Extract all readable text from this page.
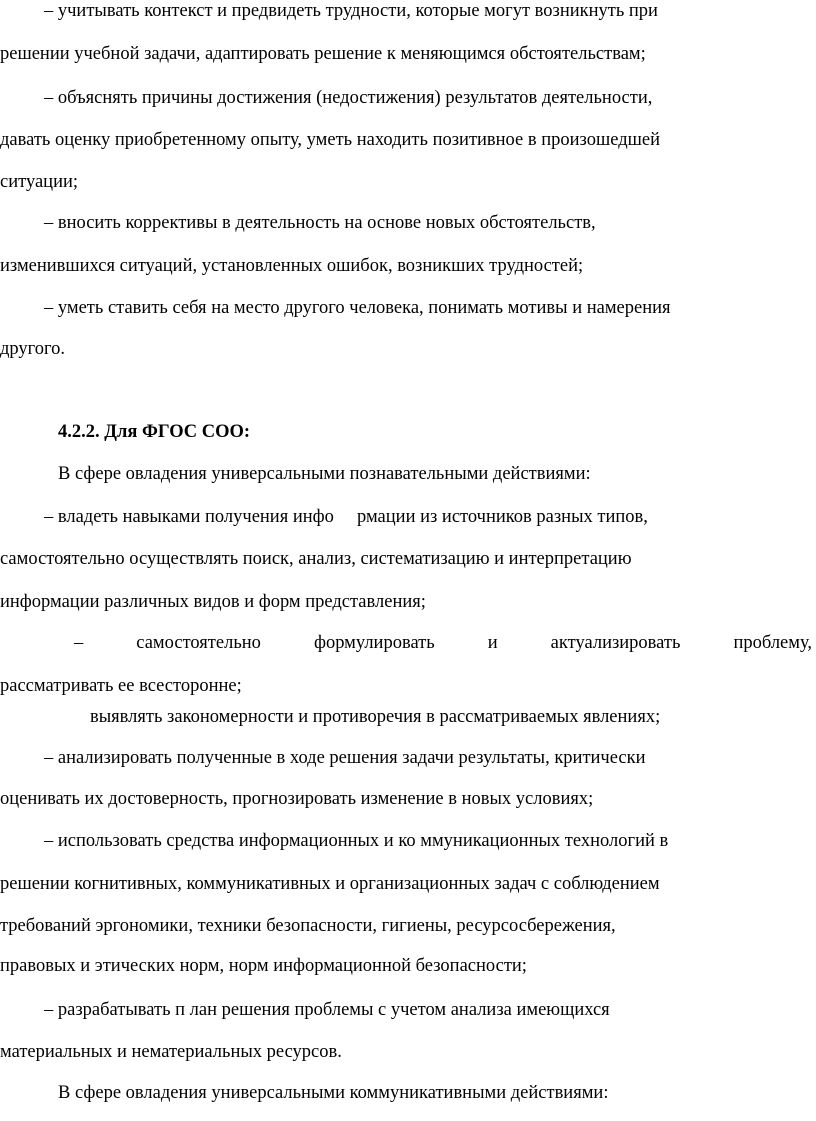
– учитывать контекст и предвидеть трудности, которые могут возникнуть при
решении учебной задачи, адаптировать решение к меняющимся обстоятельствам;
– объяснять причины достижения (недостижения) результатов деятельности,
давать оценку приобретенному опыту, уметь находить позитивное в произошедшей
ситуации;
– вносить коррективы в деятельность на основе новых обстоятельств,
изменившихся ситуаций, установленных ошибок, возникших трудностей;
– уметь ставить себя на место другого человека, понимать мотивы и намерения
другого.
4.2.2. Для ФГОС СОО:
В сфере овладения универсальными познавательными действиями:
– владеть навыками получения инфо     рмации из источников разных типов,
самостоятельно осуществлять поиск, анализ, систематизацию и интерпретацию
информации различных видов и форм представления;
– самостоятельно формулировать и актуализировать проблему,
рассматривать ее всесторонне;
выявлять закономерности и противоречия в рассматриваемых явлениях;
– анализировать полученные в ходе решения задачи результаты, критически
оценивать их достоверность, прогнозировать изменение в новых условиях;
– использовать средства информационных и ко ммуникационных технологий в
решении когнитивных, коммуникативных и организационных задач с соблюдением
требований эргономики, техники безопасности, гигиены, ресурсосбережения,
правовых и этических норм, норм информационной безопасности;
– разрабатывать п лан решения проблемы с учетом анализа имеющихся
материальных и нематериальных ресурсов.
В сфере овладения универсальными коммуникативными действиями:
